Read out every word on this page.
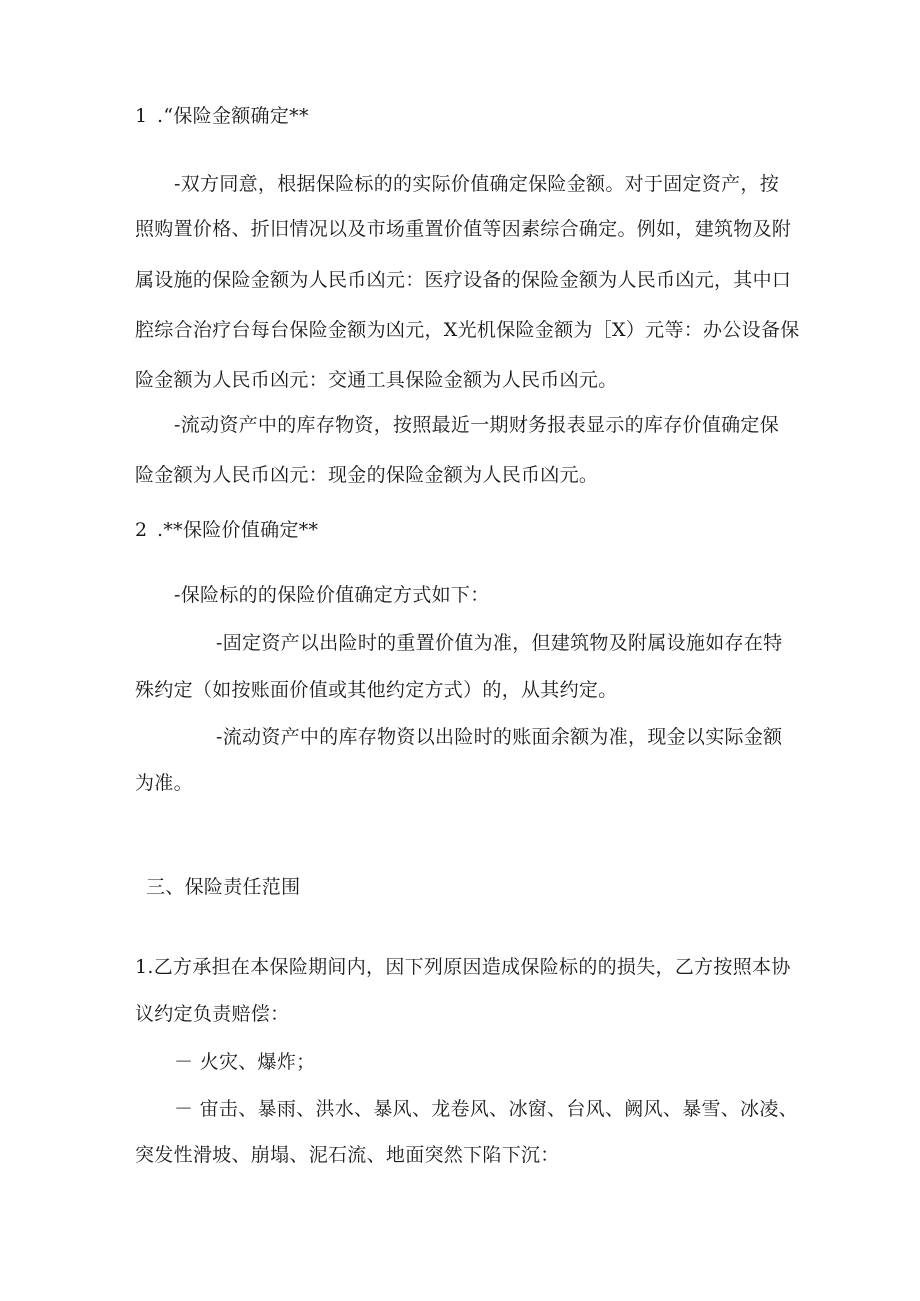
1 .“保险金额确定**
-双方同意，根据保险标的的实际价值确定保险金额。对于固定资产，按
照购置价格、折旧情况以及市场重置价值等因素综合确定。例如，建筑物及附
属设施的保险金额为人民币凶元：医疗设备的保险金额为人民币凶元，其中口
腔综合治疗台每台保险金额为凶元，X光机保险金额为［X）元等：办公设备保
险金额为人民币凶元：交通工具保险金额为人民币凶元。
-流动资产中的库存物资，按照最近一期财务报表显示的库存价值确定保
险金额为人民币凶元：现金的保险金额为人民币凶元。
2 .**保险价值确定**
-保险标的的保险价值确定方式如下：
-固定资产以出险时的重置价值为准，但建筑物及附属设施如存在特
殊约定（如按账面价值或其他约定方式）的，从其约定。
-流动资产中的库存物资以出险时的账面余额为准，现金以实际金额
为准。
三、保险责任范围
1.乙方承担在本保险期间内，因下列原因造成保险标的的损失，乙方按照本协
议约定负责赔偿：
－ 火灾、爆炸；
－ 宙击、暴雨、洪水、暴风、龙卷风、冰窗、台风、阙风、暴雪、冰凌、
突发性滑坡、崩塌、泥石流、地面突然下陷下沉：
